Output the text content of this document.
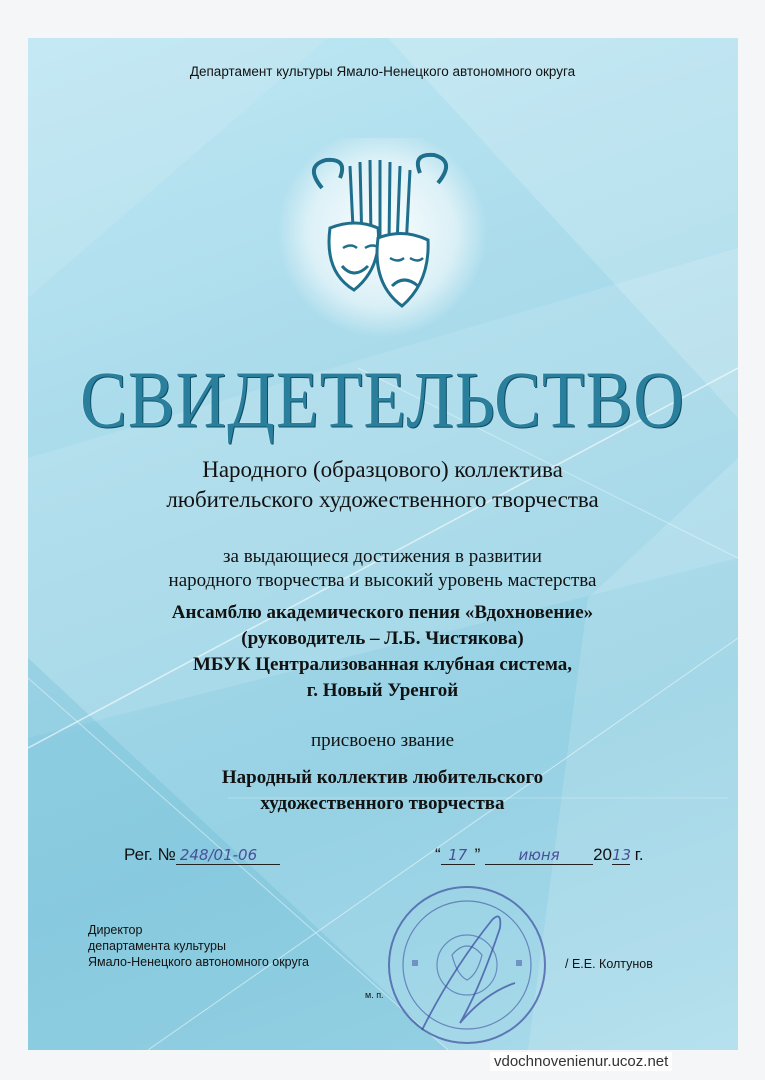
Департамент культуры Ямало-Ненецкого автономного округа
СВИДЕТЕЛЬСТВО
Народного (образцового) коллектива
любительского художественного творчества
за выдающиеся достижения в развитии
народного творчества и высокий уровень мастерства
Ансамблю академического пения «Вдохновение»
(руководитель – Л.Б. Чистякова)
МБУК Централизованная клубная система,
г. Новый Уренгой
присвоено звание
Народный коллектив любительского
художественного творчества
Рег. № 248/01-06	“ 17 ” июня 2013 г.
Директор
департамента культуры
Ямало-Ненецкого автономного округа	/ Е.Е. Колтунов
м. п.
vdochnovenienur.ucoz.net
